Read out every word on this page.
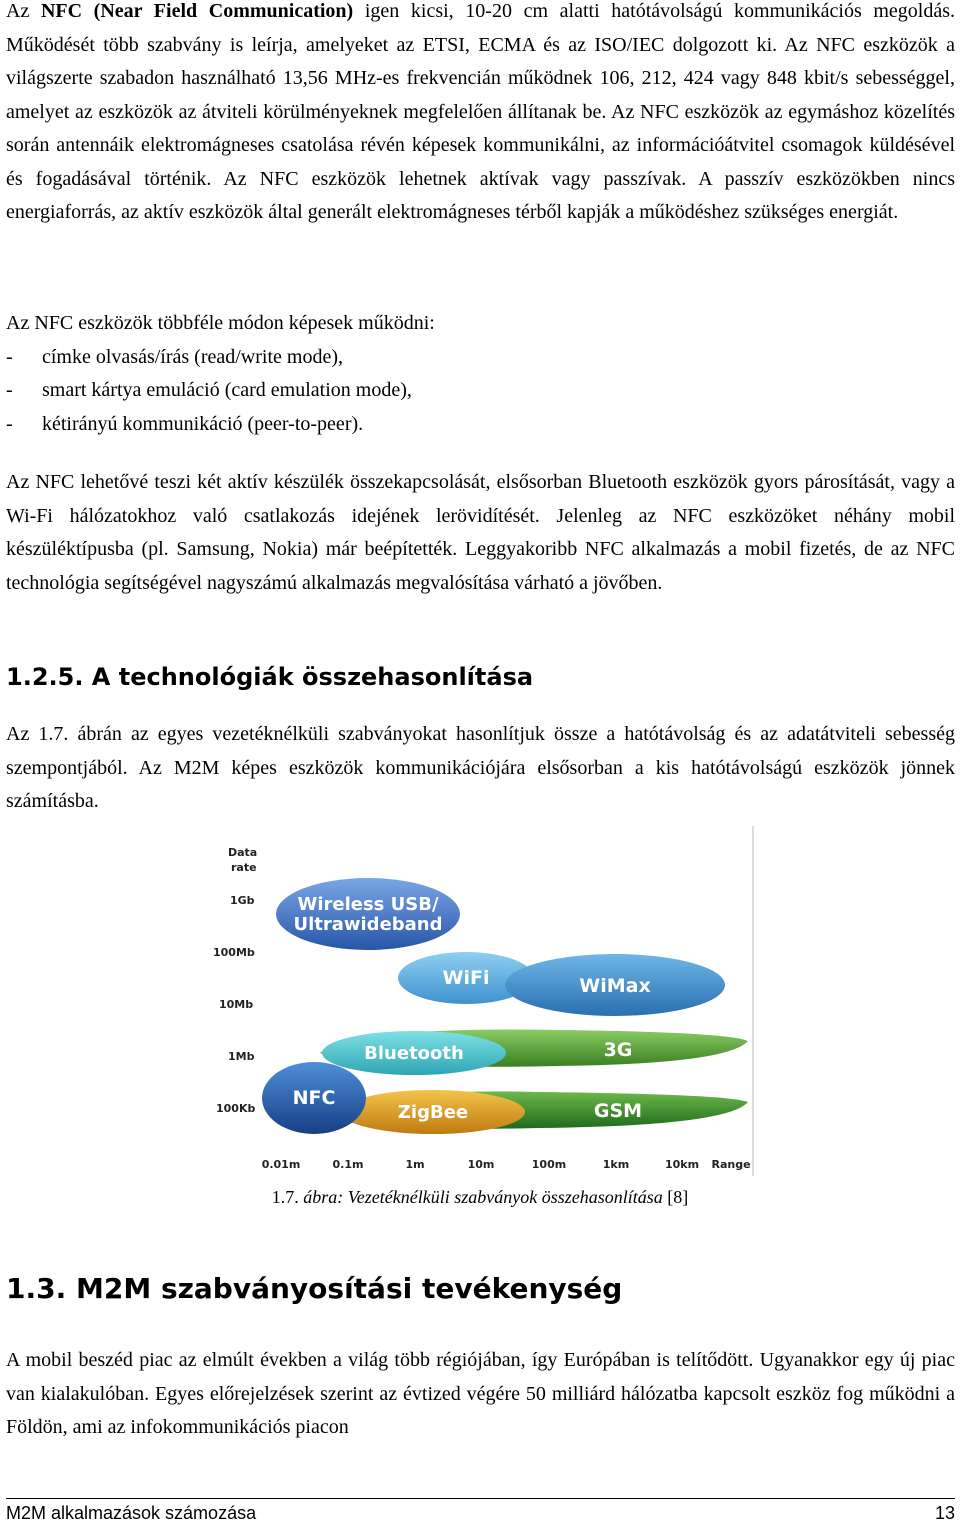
Az NFC (Near Field Communication) igen kicsi, 10-20 cm alatti hatótávolságú kommunikációs megoldás. Működését több szabvány is leírja, amelyeket az ETSI, ECMA és az ISO/IEC dolgozott ki. Az NFC eszközök a világszerte szabadon használható 13,56 MHz-es frekvencián működnek 106, 212, 424 vagy 848 kbit/s sebességgel, amelyet az eszközök az átviteli körülményeknek megfelelően állítanak be. Az NFC eszközök az egymáshoz közelítés során antennáik elektromágneses csatolása révén képesek kommunikálni, az információátvitel csomagok küldésével és fogadásával történik. Az NFC eszközök lehetnek aktívak vagy passzívak. A passzív eszközökben nincs energiaforrás, az aktív eszközök által generált elektromágneses térből kapják a működéshez szükséges energiát.

Az NFC eszközök többféle módon képesek működni:
-	címke olvasás/írás (read/write mode),
-	smart kártya emuláció (card emulation mode),
-	kétirányú kommunikáció (peer-to-peer).

Az NFC lehetővé teszi két aktív készülék összekapcsolását, elsősorban Bluetooth eszközök gyors párosítását, vagy a Wi-Fi hálózatokhoz való csatlakozás idejének lerövidítését. Jelenleg az NFC eszközöket néhány mobil készüléktípusba (pl. Samsung, Nokia) már beépítették. Leggyakoribb NFC alkalmazás a mobil fizetés, de az NFC technológia segítségével nagyszámú alkalmazás megvalósítása várható a jövőben.

1.2.5. A technológiák összehasonlítása

Az 1.7. ábrán az egyes vezetéknélküli szabványokat hasonlítjuk össze a hatótávolság és az adatátviteli sebesség szempontjából. Az M2M képes eszközök kommunikációjára elsősorban a kis hatótávolságú eszközök jönnek számításba.

Data
rate
1Gb
100Mb
10Mb
1Mb
100Kb
Wireless USB/
Ultrawideband
WiFi	WiMax
Bluetooth	3G
ZigBee	GSM
NFC
0.01m	0.1m	1m	10m	100m	1km	10km Range
1.7. ábra: Vezetéknélküli szabványok összehasonlítása [8]
1.3. M2M szabványosítási tevékenység

A mobil beszéd piac az elmúlt években a világ több régiójában, így Európában is telítődött. Ugyanakkor egy új piac van kialakulóban. Egyes előrejelzések szerint az évtized végére 50 milliárd hálózatba kapcsolt eszköz fog működni a Földön, ami az infokommunikációs piacon

M2M alkalmazások számozása	13
